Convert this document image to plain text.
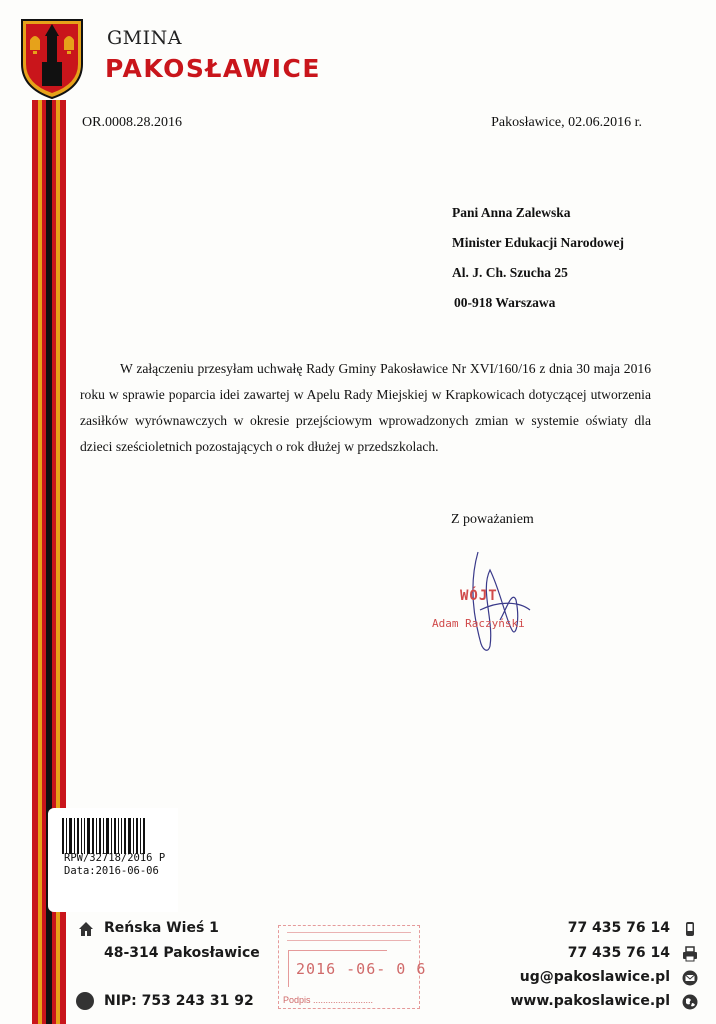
GMINA
PAKOSŁAWICE
OR.0008.28.2016	Pakosławice, 02.06.2016 r.
Pani Anna Zalewska
Minister Edukacji Narodowej
Al. J. Ch. Szucha 25
00-918 Warszawa
W załączeniu przesyłam uchwałę Rady Gminy Pakosławice Nr XVI/160/16 z dnia 30 maja 2016 roku w sprawie poparcia idei zawartej w Apelu Rady Miejskiej w Krapkowicach dotyczącej utworzenia zasiłków wyrównawczych w okresie przejściowym wprowadzonych zmian w systemie oświaty dla dzieci sześcioletnich pozostających o rok dłużej w przedszkolach.
Z poważaniem
WÓJT
Adam Raczyński
RPW/32718/2016 P
Data:2016-06-06
2016 -06- 0 6
Podpis ........................
Reńska Wieś 1
48-314 Pakosławice
NIP: 753 243 31 92
77 435 76 14
77 435 76 14
ug@pakoslawice.pl
www.pakoslawice.pl
